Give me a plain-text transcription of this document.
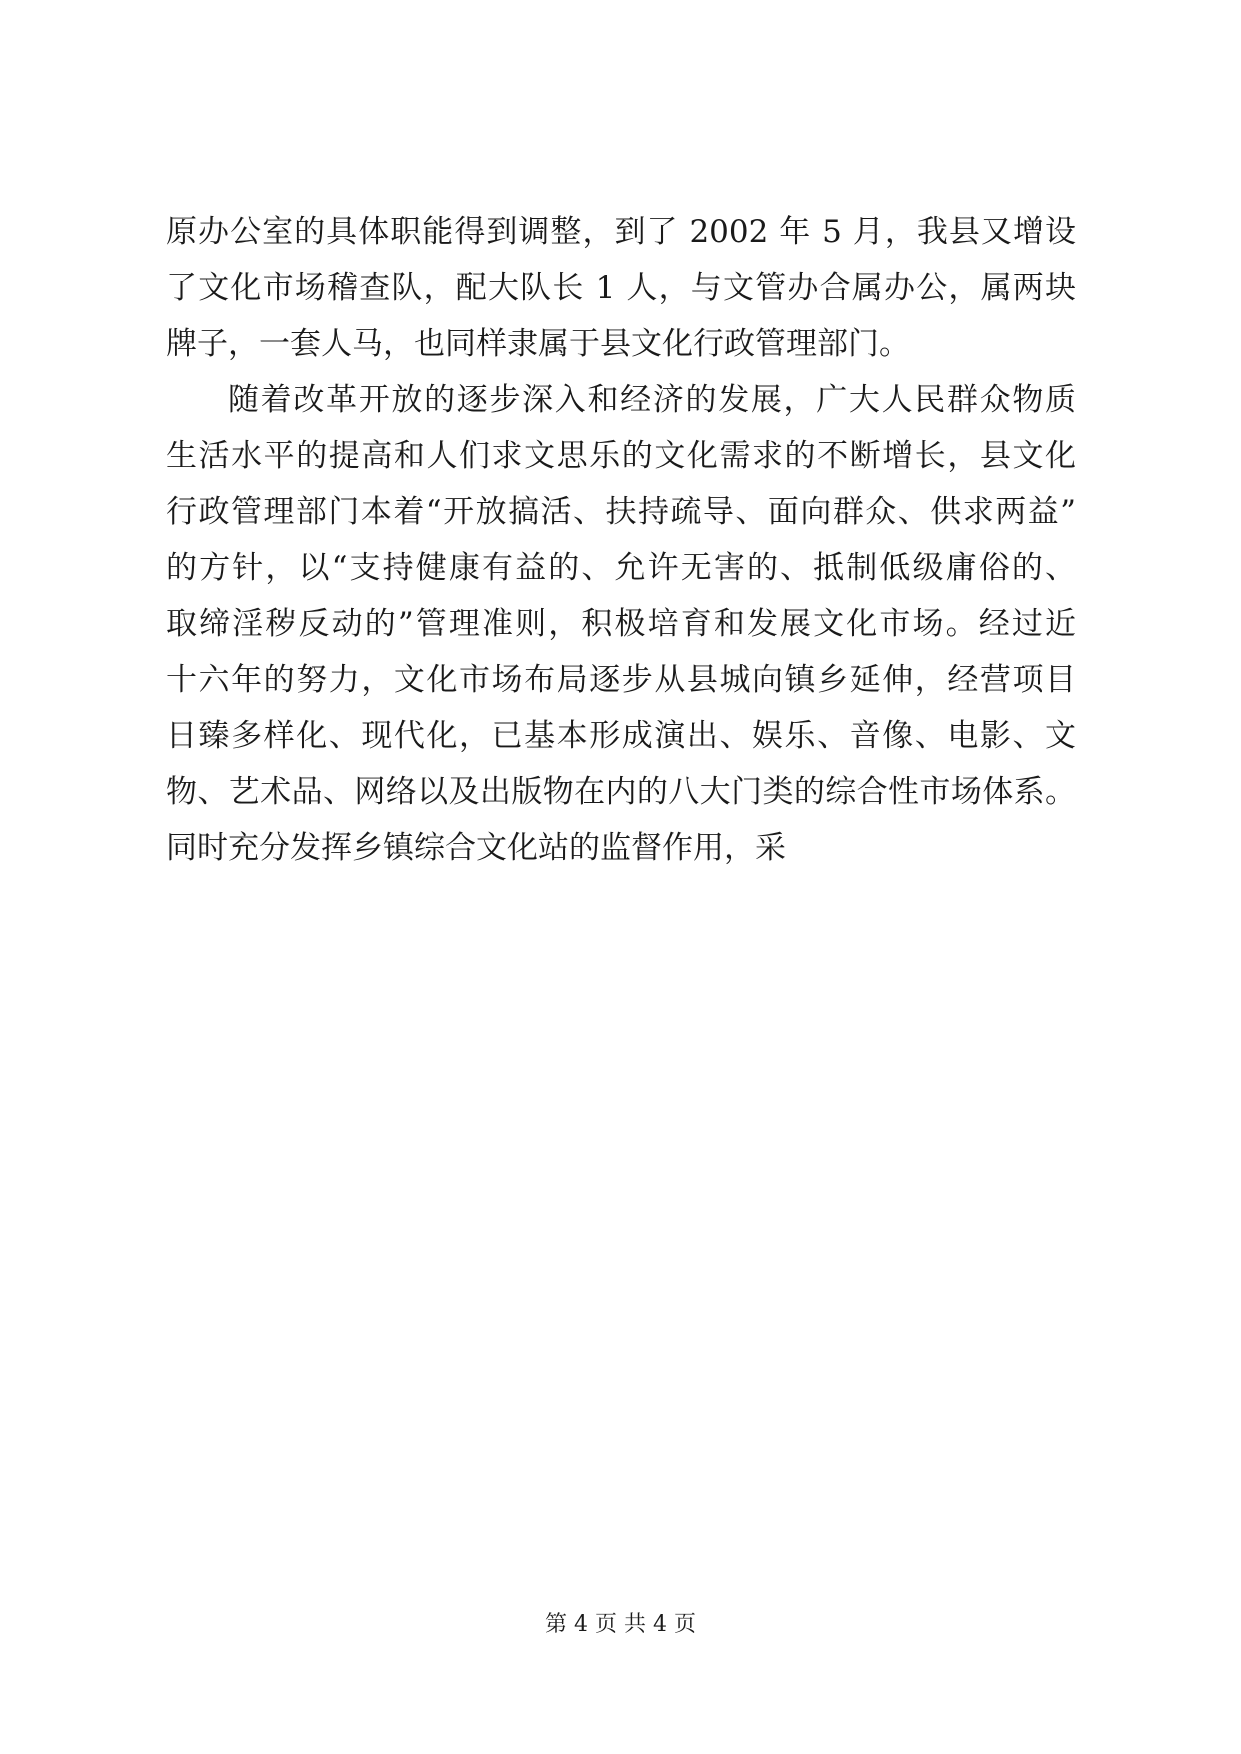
原办公室的具体职能得到调整，到了 2002 年 5 月，我县又增设
了文化市场稽查队，配大队长 1 人，与文管办合属办公，属两块
牌子，一套人马，也同样隶属于县文化行政管理部门。
随着改革开放的逐步深入和经济的发展，广大人民群众物质
生活水平的提高和人们求文思乐的文化需求的不断增长，县文化
行政管理部门本着“开放搞活、扶持疏导、面向群众、供求两益”
的方针，以“支持健康有益的、允许无害的、抵制低级庸俗的、
取缔淫秽反动的”管理准则，积极培育和发展文化市场。经过近
十六年的努力，文化市场布局逐步从县城向镇乡延伸，经营项目
日臻多样化、现代化，已基本形成演出、娱乐、音像、电影、文
物、艺术品、网络以及出版物在内的八大门类的综合性市场体系。
同时充分发挥乡镇综合文化站的监督作用，采
第 4 页 共 4 页
